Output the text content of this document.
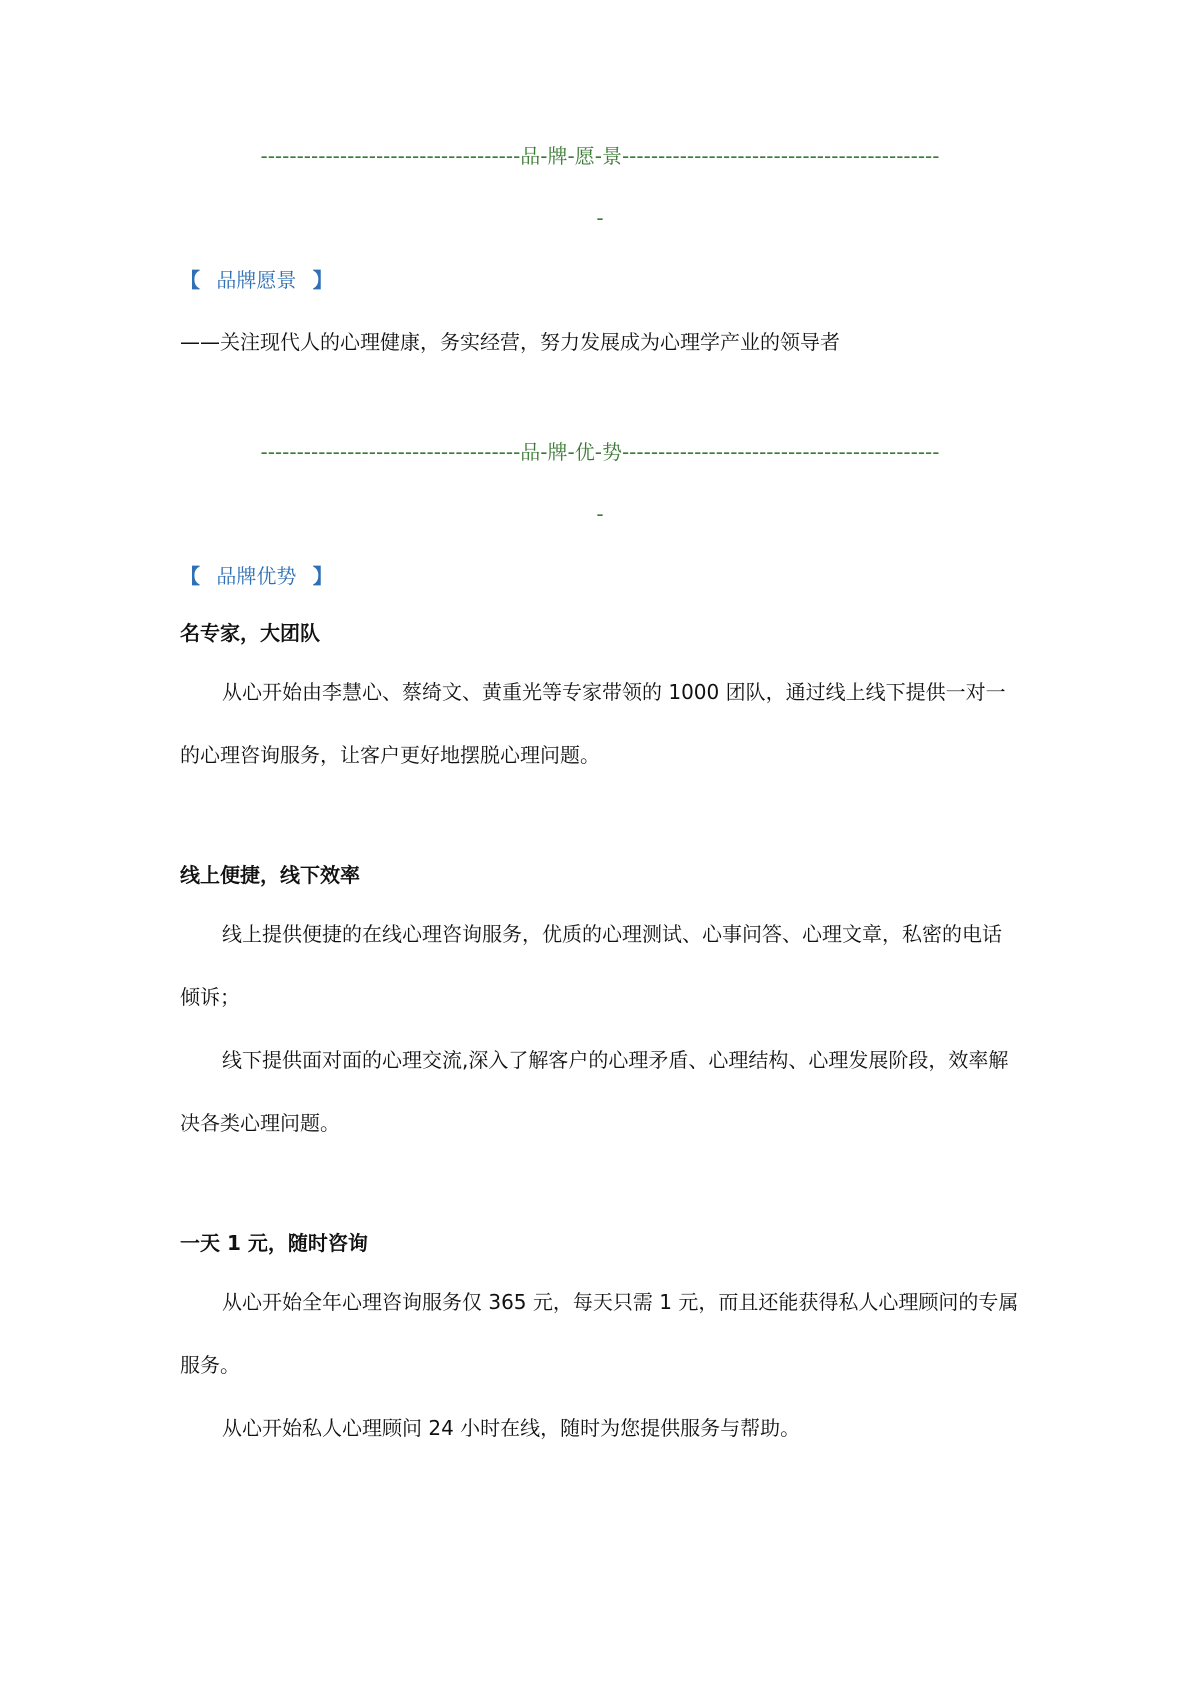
------------------------------------品-牌-愿-景--------------------------------------------
-
【 品牌愿景 】
——关注现代人的心理健康，务实经营，努力发展成为心理学产业的领导者
------------------------------------品-牌-优-势--------------------------------------------
-
【 品牌优势 】
名专家，大团队

从心开始由李慧心、蔡绮文、黄重光等专家带领的 1000 团队，通过线上线下提供一对一的心理咨询服务，让客户更好地摆脱心理问题。

线上便捷，线下效率

线上提供便捷的在线心理咨询服务，优质的心理测试、心事问答、心理文章，私密的电话倾诉；

线下提供面对面的心理交流,深入了解客户的心理矛盾、心理结构、心理发展阶段，效率解决各类心理问题。

一天 1 元，随时咨询

从心开始全年心理咨询服务仅 365 元，每天只需 1 元，而且还能获得私人心理顾问的专属服务。

从心开始私人心理顾问 24 小时在线，随时为您提供服务与帮助。
